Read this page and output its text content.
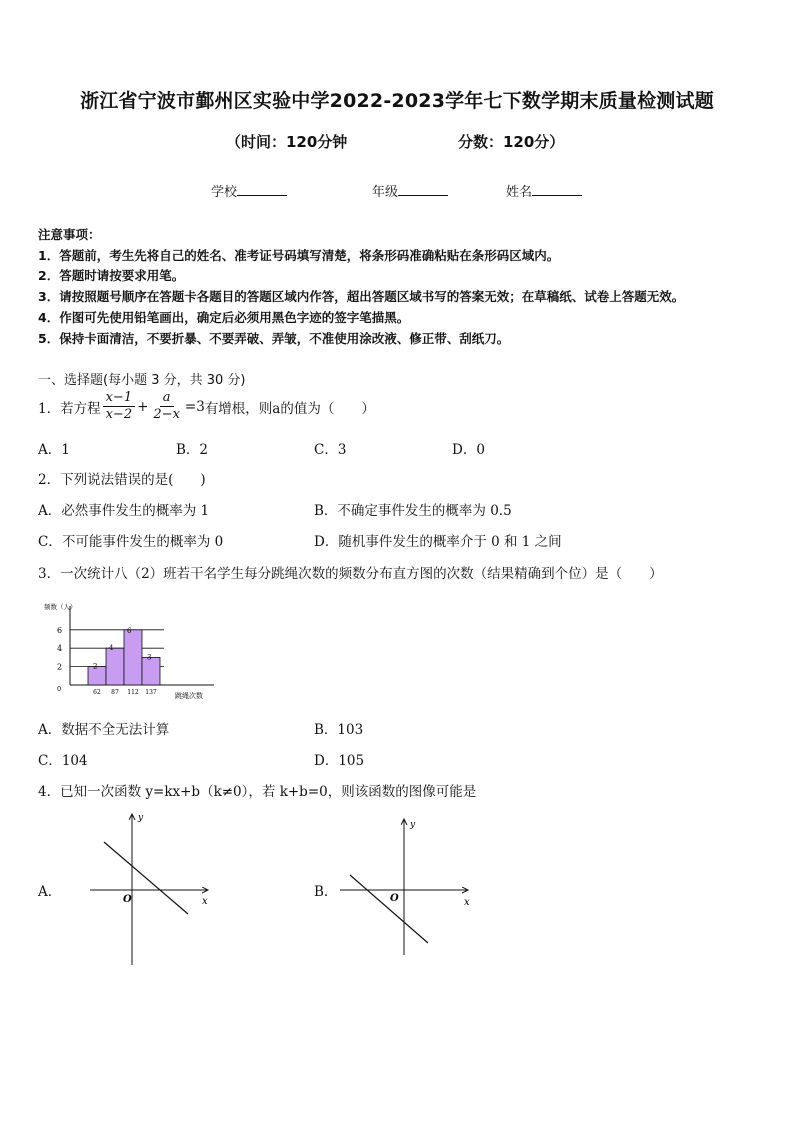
浙江省宁波市鄞州区实验中学2022-2023学年七下数学期末质量检测试题
（时间：120分钟	分数：120分）
学校	年级	姓名
注意事项：
1．答题前，考生先将自己的姓名、准考证号码填写清楚，将条形码准确粘贴在条形码区域内。
2．答题时请按要求用笔。
3．请按照题号顺序在答题卡各题目的答题区域内作答，超出答题区域书写的答案无效；在草稿纸、试卷上答题无效。
4．作图可先使用铅笔画出，确定后必须用黑色字迹的签字笔描黑。
5．保持卡面清洁，不要折暴、不要弄破、弄皱，不准使用涂改液、修正带、刮纸刀。
一、选择题(每小题 3 分，共 30 分)
1．若方程 $\frac{x-1}{x-2} + \frac{a}{2-x} =3$ 有增根，则a的值为（　　）
A．1	B．2	C．3	D．0
2．下列说法错误的是(　　)
A．必然事件发生的概率为 1	B．不确定事件发生的概率为 0.5
C．不可能事件发生的概率为 0	D．随机事件发生的概率介于 0 和 1 之间
3．一次统计八（2）班若干名学生每分跳绳次数的频数分布直方图的次数（结果精确到个位）是（　　）
频数（人）
2
4
6
3
2
4
6
62 87 112 137
0
跳绳次数
A．数据不全无法计算	B．103
C．104	D．105
4．已知一次函数 y=kx+b（k≠0），若 k+b=0，则该函数的图像可能是
A．	O	x
y
B．	O	x
y
